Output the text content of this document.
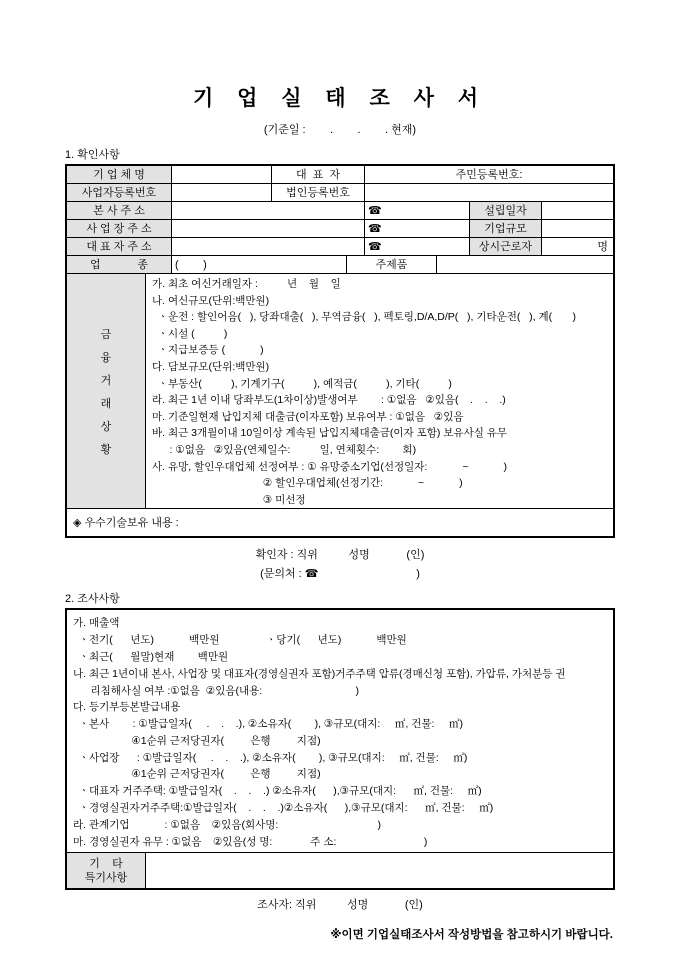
기 업 실 태 조 사 서
(기준일 :        .        .        . 현재)
1. 확인사항
기 업 체 명	대  표  자	주민등록번호:
사업자등록번호	법인등록번호
본 사 주 소	☎	설립일자
사 업 장 주 소	☎	기업규모
대 표 자 주 소	☎	상시근로자	명
업            종	(        )	주제품
금
융
거
래
상
황
가. 최초 여신거래일자 :          년    월    일
나. 여신규모(단위:백만원)
ㆍ운전 : 할인어음(   ), 당좌대출(   ), 무역금융(   ), 펙토링,D/A,D/P(   ), 기타운전(   ), 계(       )
ㆍ시설 (          )
ㆍ지급보증등 (            )
다. 담보규모(단위:백만원)
ㆍ부동산(          ), 기계기구(          ), 예적금(          ), 기타(          )
라. 최근 1년 이내 당좌부도(1차이상)발생여부        : ①없음   ②있음(    .    .    .)
마. 기준일현재 납입지체 대출금(이자포함) 보유여부 : ①없음   ②있음
바. 최근 3개월이내 10일이상 계속된 납입지체대출금(이자 포함) 보유사실 유무
: ①없음   ②있음(연체일수:          일, 연체횟수:        회)
사. 유망, 할인우대업체 선정여부 : ① 유망중소기업(선정일자:            ~            )
② 할인우대업체(선정기간:            ~            )
③ 미선정
◈ 우수기술보유 내용 :
확인자 : 직위          성명            (인)
(문의처 : ☎                                )
2. 조사사항
가. 매출액
ㆍ전기(      년도)            백만원                ㆍ당기(      년도)            백만원
ㆍ최근(      월말)현재        백만원
나. 최근 1년이내 본사, 사업장 및 대표자(경영실권자 포함)거주주택 압류(경매신청 포함), 가압류, 가처분등 권
리침해사실 여부 :①없음  ②있음(내용:                                )
다. 등기부등본발급내용
ㆍ본사        : ①발급일자(     .    .    .), ②소유자(        ), ③규모(대지:     ㎡, 건물:     ㎡)
④1순위 근저당권자(         은행         지점)
ㆍ사업장      : ①발급일자(     .    .    .), ②소유자(        ), ③규모(대지:     ㎡, 건물:     ㎡)
④1순위 근저당권자(         은행         지점)
ㆍ대표자 거주주택: ①발급일자(    .    .    .) ②소유자(      ),③규모(대지:      ㎡, 건물:     ㎡)
ㆍ경영실권자거주주택:①발급일자(    .    .    .)②소유자(      ),③규모(대지:      ㎡, 건물:     ㎡)
라. 관계기업            : ①없음    ②있음(회사명:                                  )
마. 경영실권자 유무 : ①없음    ②있음(성 명:             주 소:                              )
기    타
특기사항
조사자: 직위          성명            (인)
※이면 기업실태조사서 작성방법을 참고하시기 바랍니다.
